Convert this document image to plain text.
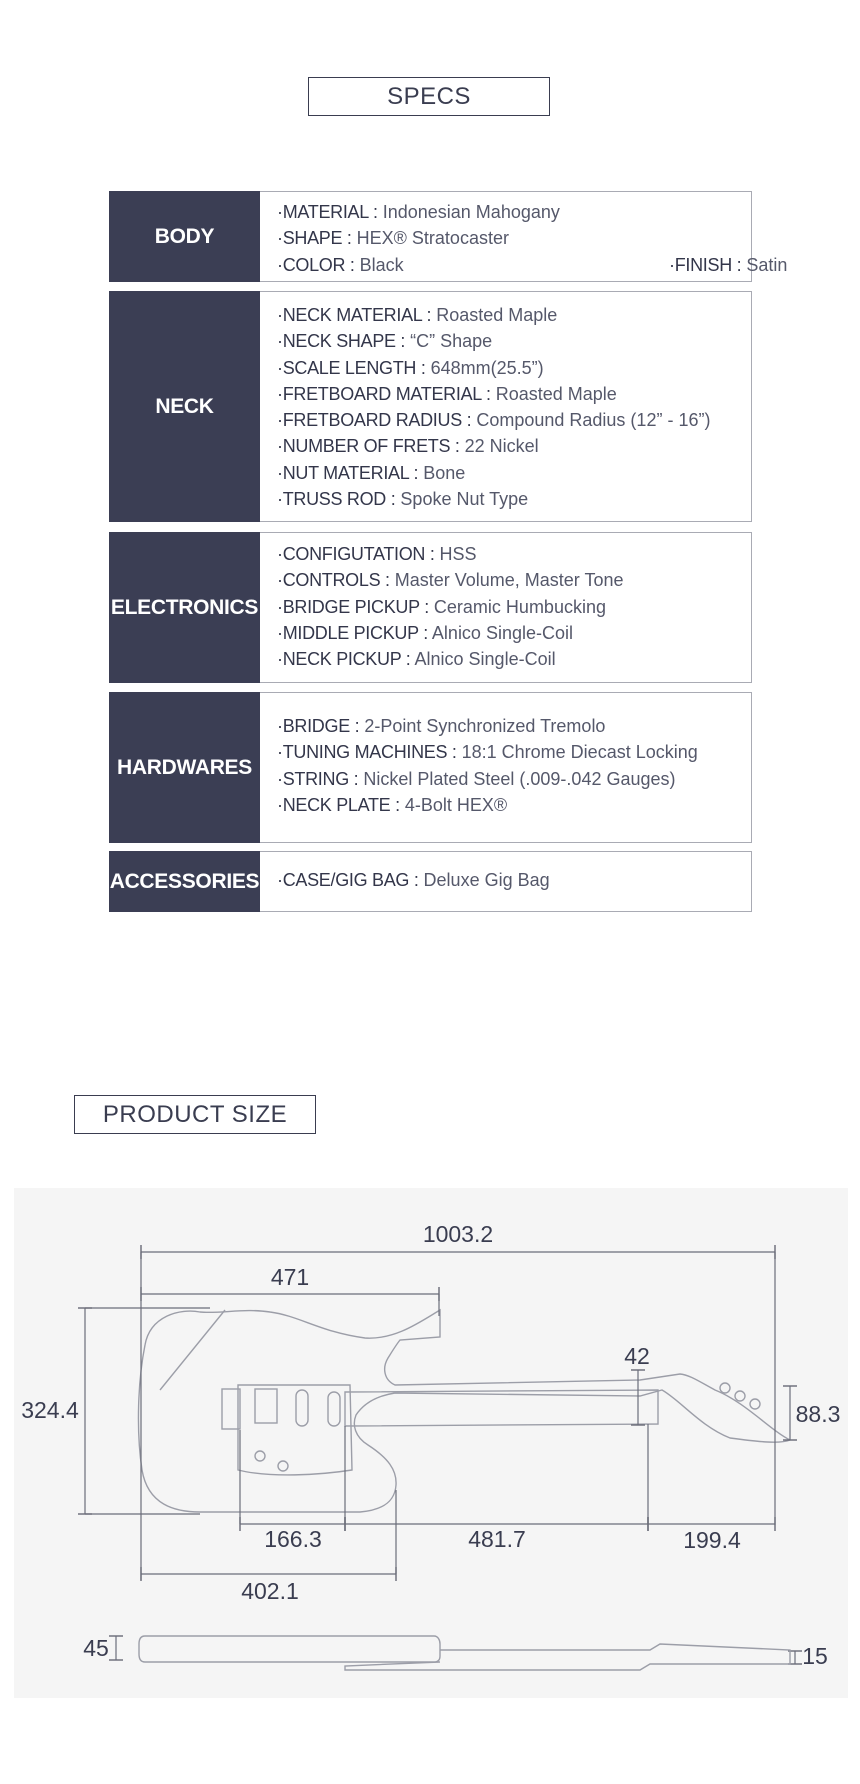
SPECS
BODY
·MATERIAL : Indonesian Mahogany
·SHAPE : HEX® Stratocaster
·COLOR : Black	·FINISH : Satin
NECK
·NECK MATERIAL : Roasted Maple
·NECK SHAPE : “C” Shape
·SCALE LENGTH : 648mm(25.5”)
·FRETBOARD MATERIAL : Roasted Maple
·FRETBOARD RADIUS : Compound Radius (12” - 16”)
·NUMBER OF FRETS : 22 Nickel
·NUT MATERIAL : Bone
·TRUSS ROD : Spoke Nut Type
ELECTRONICS
·CONFIGUTATION : HSS
·CONTROLS : Master Volume, Master Tone
·BRIDGE PICKUP : Ceramic Humbucking
·MIDDLE PICKUP : Alnico Single-Coil
·NECK PICKUP : Alnico Single-Coil
HARDWARES
·BRIDGE : 2-Point Synchronized Tremolo
·TUNING MACHINES : 18:1 Chrome Diecast Locking
·STRING : Nickel Plated Steel (.009-.042 Gauges)
·NECK PLATE : 4-Bolt HEX®
ACCESSORIES ·CASE/GIG BAG : Deluxe Gig Bag
PRODUCT SIZE
1003.2
471
324.4
42
88.3
166.3	481.7	199.4
402.1
45	15
